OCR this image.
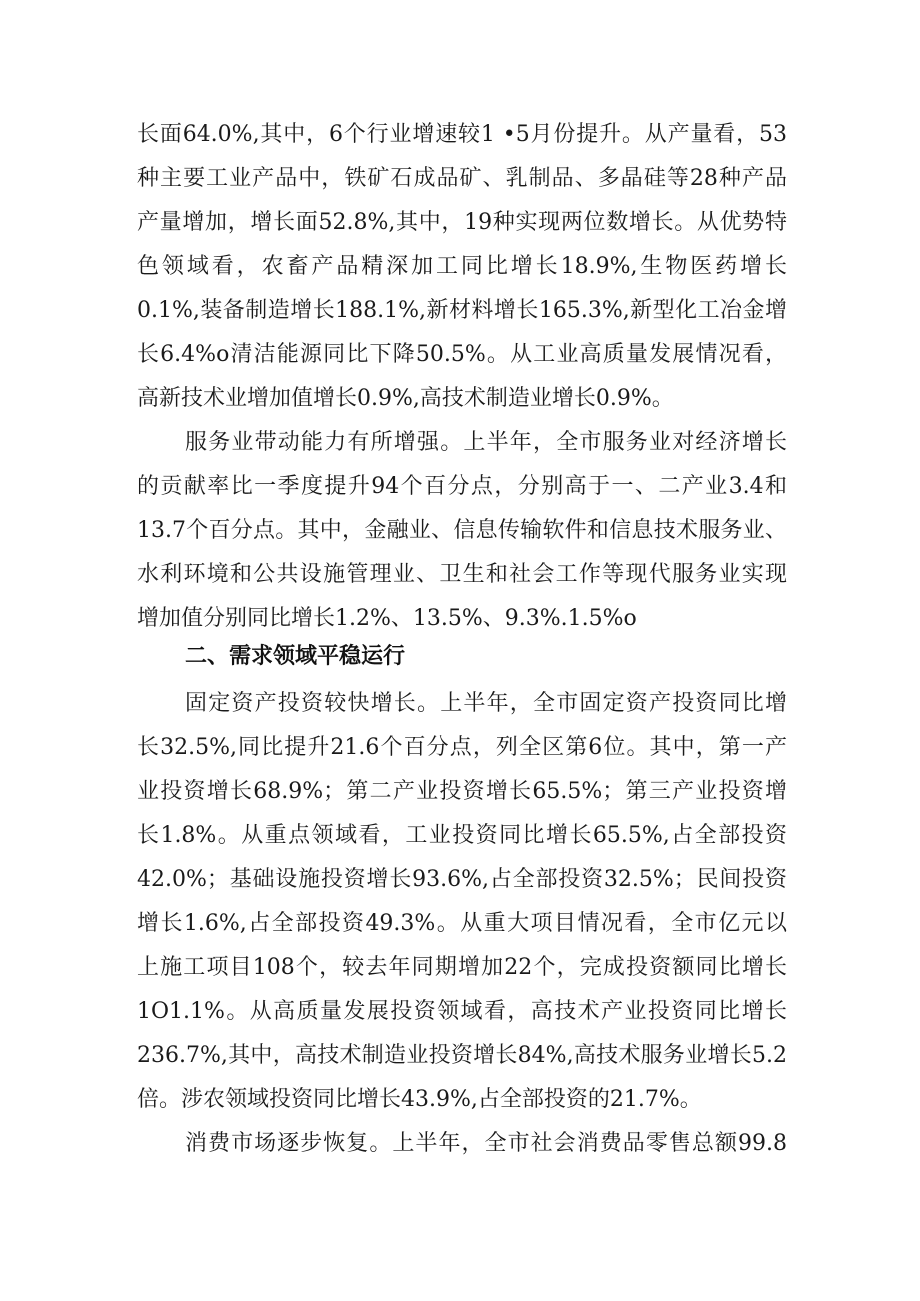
长面64.0%,其中，6个行业增速较1 •5月份提升。从产量看，53
种主要工业产品中，铁矿石成品矿、乳制品、多晶硅等28种产品
产量增加，增长面52.8%,其中，19种实现两位数增长。从优势特
色领域看，农畜产品精深加工同比增长18.9%,生物医药增长
0.1%,装备制造增长188.1%,新材料增长165.3%,新型化工冶金增
长6.4%o清洁能源同比下降50.5%。从工业高质量发展情况看，
高新技术业增加值增长0.9%,高技术制造业增长0.9%。
服务业带动能力有所增强。上半年，全市服务业对经济增长
的贡献率比一季度提升94个百分点，分别高于一、二产业3.4和
13.7个百分点。其中，金融业、信息传输软件和信息技术服务业、
水利环境和公共设施管理业、卫生和社会工作等现代服务业实现
增加值分别同比增长1.2%、13.5%、9.3%.1.5%o
二、需求领域平稳运行
固定资产投资较快增长。上半年，全市固定资产投资同比增
长32.5%,同比提升21.6个百分点，列全区第6位。其中，第一产
业投资增长68.9%；第二产业投资增长65.5%；第三产业投资增
长1.8%。从重点领域看，工业投资同比增长65.5%,占全部投资
42.0%；基础设施投资增长93.6%,占全部投资32.5%；民间投资
增长1.6%,占全部投资49.3%。从重大项目情况看，全市亿元以
上施工项目108个，较去年同期增加22个，完成投资额同比增长
1O1.1%。从高质量发展投资领域看，高技术产业投资同比增长
236.7%,其中，高技术制造业投资增长84%,高技术服务业增长5.2
倍。涉农领域投资同比增长43.9%,占全部投资的21.7%。
消费市场逐步恢复。上半年，全市社会消费品零售总额99.8
